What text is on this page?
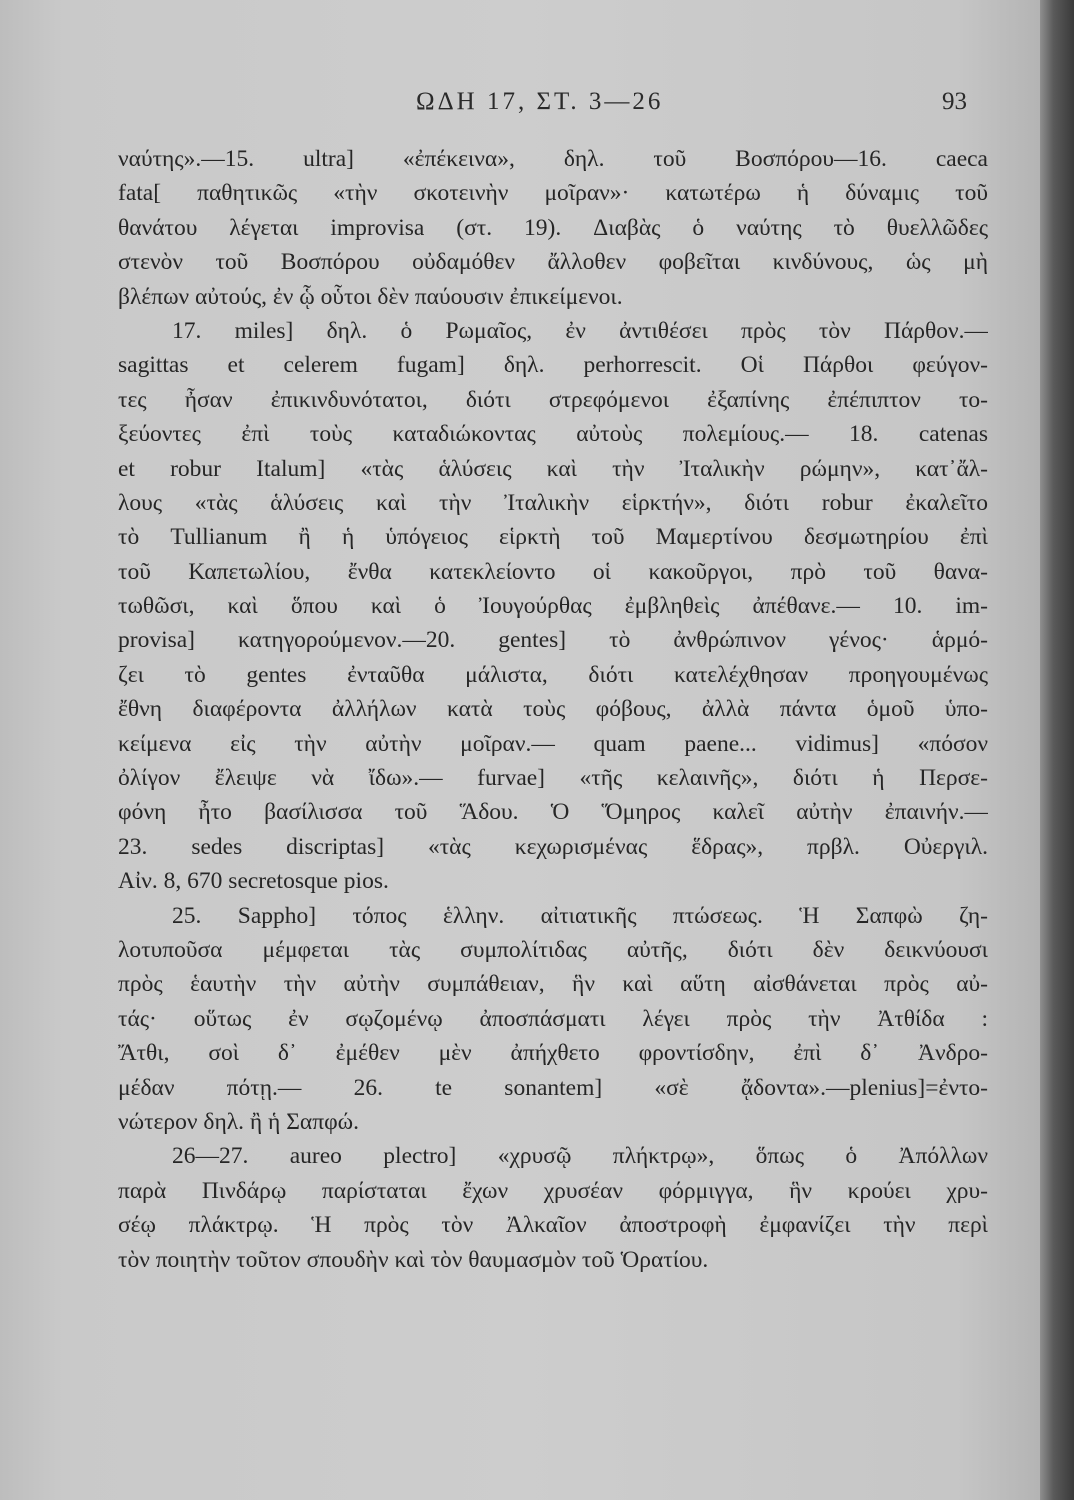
ΩΔΗ 17, ΣΤ. 3—26	93
ναύτης».—15. ultra] «ἐπέκεινα», δηλ. τοῦ Βοσπόρου—16. caeca
fata[ παθητικῶς «τὴν σκοτεινὴν μοῖραν»· κατωτέρω ἡ δύναμις τοῦ
θανάτου λέγεται improvisa (στ. 19). Διαβὰς ὁ ναύτης τὸ θυελλῶδες
στενὸν τοῦ Βοσπόρου οὐδαμόθεν ἄλλοθεν φοβεῖται κινδύνους, ὡς μὴ
βλέπων αὐτούς, ἐν ᾧ οὗτοι δὲν παύουσιν ἐπικείμενοι.
17. miles] δηλ. ὁ Ρωμαῖος, ἐν ἀντιθέσει πρὸς τὸν Πάρθον.—
sagittas et celerem fugam] δηλ. perhorrescit. Οἱ Πάρθοι φεύγον-
τες ἦσαν ἐπικινδυνότατοι, διότι στρεφόμενοι ἐξαπίνης ἐπέπιπτον το-
ξεύοντες ἐπὶ τοὺς καταδιώκοντας αὐτοὺς πολεμίους.— 18. catenas
et robur Italum] «τὰς ἁλύσεις καὶ τὴν Ἰταλικὴν ρώμην», κατ᾽ἄλ-
λους «τὰς ἁλύσεις καὶ τὴν Ἰταλικὴν εἱρκτήν», διότι robur ἐκαλεῖτο
τὸ Tullianum ἢ ἡ ὑπόγειος εἱρκτὴ τοῦ Μαμερτίνου δεσμωτηρίου ἐπὶ
τοῦ Καπετωλίου, ἔνθα κατεκλείοντο οἱ κακοῦργοι, πρὸ τοῦ θανα-
τωθῶσι, καὶ ὅπου καὶ ὁ Ἰουγούρθας ἐμβληθεὶς ἀπέθανε.— 10. im-
provisa] κατηγορούμενον.—20. gentes] τὸ ἀνθρώπινον γένος· ἁρμό-
ζει τὸ gentes ἐνταῦθα μάλιστα, διότι κατελέχθησαν προηγουμένως
ἔθνη διαφέροντα ἀλλήλων κατὰ τοὺς φόβους, ἀλλὰ πάντα ὁμοῦ ὑπο-
κείμενα εἰς τὴν αὐτὴν μοῖραν.— quam paene... vidimus] «πόσον
ὀλίγον ἔλειψε νὰ ἴδω».— furvae] «τῆς κελαινῆς», διότι ἡ Περσε-
φόνη ἦτο βασίλισσα τοῦ Ἅδου. Ὁ Ὅμηρος καλεῖ αὐτὴν ἐπαινήν.—
23. sedes discriptas] «τὰς κεχωρισμένας ἕδρας», πρβλ. Οὐεργιλ.
Αἰν. 8, 670 secretosque pios.
25. Sappho] τόπος ἑλλην. αἰτιατικῆς πτώσεως. Ἡ Σαπφὼ ζη-
λοτυποῦσα μέμφεται τὰς συμπολίτιδας αὐτῆς, διότι δὲν δεικνύουσι
πρὸς ἑαυτὴν τὴν αὐτὴν συμπάθειαν, ἣν καὶ αὕτη αἰσθάνεται πρὸς αὐ-
τάς· οὕτως ἐν σῳζομένῳ ἀποσπάσματι λέγει πρὸς τὴν Ἀτθίδα :
Ἄτθι, σοὶ δ᾽ ἐμέθεν μὲν ἀπήχθετο φροντίσδην, ἐπὶ δ᾽ Ἀνδρο-
μέδαν πότῃ.— 26. te sonantem] «σὲ ᾄδοντα».—plenius]=ἐντο-
νώτερον δηλ. ἢ ἡ Σαπφώ.
26—27. aureo plectro] «χρυσῷ πλήκτρῳ», ὅπως ὁ Ἀπόλλων
παρὰ Πινδάρῳ παρίσταται ἔχων χρυσέαν φόρμιγγα, ἣν κρούει χρυ-
σέῳ πλάκτρῳ. Ἡ πρὸς τὸν Ἀλκαῖον ἀποστροφὴ ἐμφανίζει τὴν περὶ
τὸν ποιητὴν τοῦτον σπουδὴν καὶ τὸν θαυμασμὸν τοῦ Ὁρατίου.
